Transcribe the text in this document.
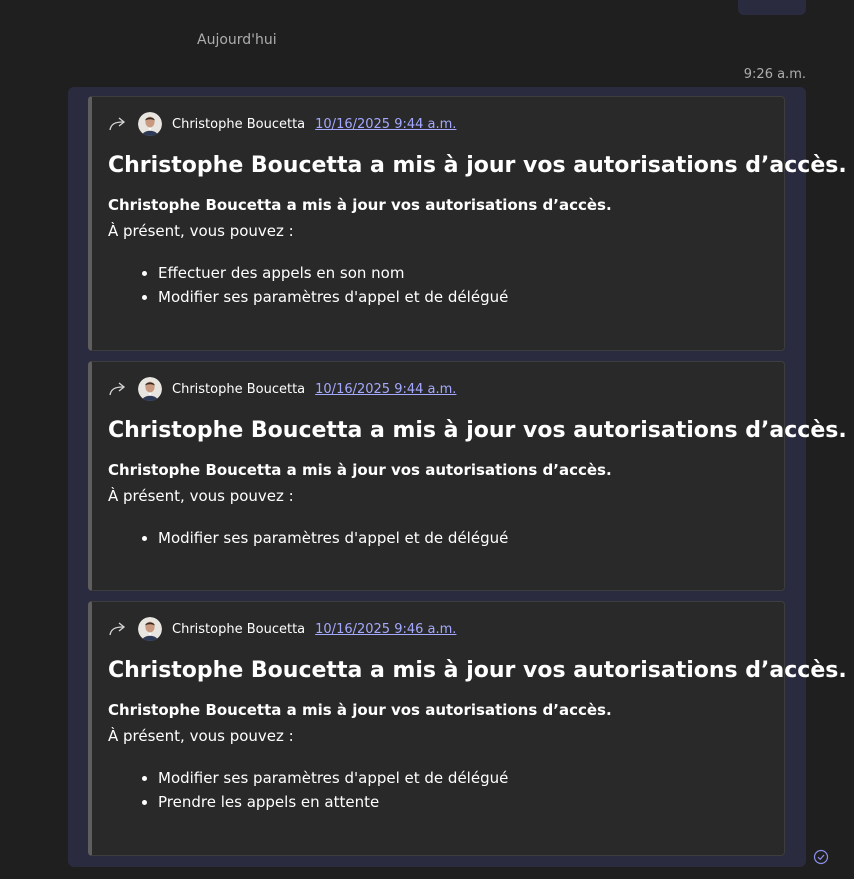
Aujourd'hui
9:26 a.m.
Christophe Boucetta 10/16/2025 9:44 a.m.
Christophe Boucetta a mis à jour vos autorisations d’accès.
Christophe Boucetta a mis à jour vos autorisations d’accès.
À présent, vous pouvez :
• Effectuer des appels en son nom
• Modifier ses paramètres d'appel et de délégué
Christophe Boucetta 10/16/2025 9:44 a.m.
Christophe Boucetta a mis à jour vos autorisations d’accès.
Christophe Boucetta a mis à jour vos autorisations d’accès.
À présent, vous pouvez :
• Modifier ses paramètres d'appel et de délégué
Christophe Boucetta 10/16/2025 9:46 a.m.
Christophe Boucetta a mis à jour vos autorisations d’accès.
Christophe Boucetta a mis à jour vos autorisations d’accès.
À présent, vous pouvez :
• Modifier ses paramètres d'appel et de délégué
• Prendre les appels en attente
